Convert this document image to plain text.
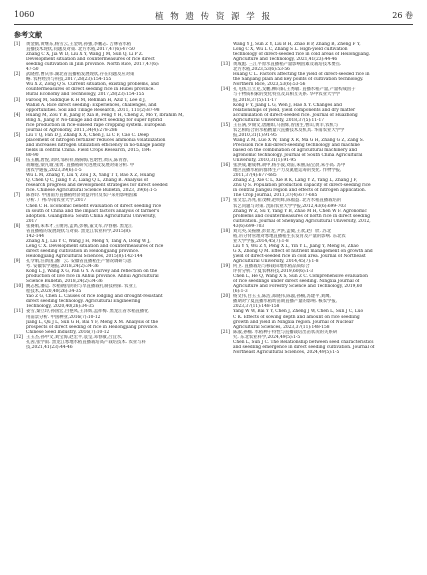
1060	植 物 遗 传 资 源 学 报	26 卷
参考文献
[1]	黄金鹤,黄继东,杨雪云,王金明,孙强,李鹏志. 吉林省水稻
直播技术现状,问题及对策. 北方水稻,2017,47(6):47-50
Zhang C X, Jia W D, Liu X Y, Wang J M, Sun Q, Li P Z.
Development situation and countermeasures of rice direct
seeding cultivation in Jilin province. North Rice, 2017,47(6):
47-50
[2]	武晓智,曹庆伟.湖北省直播稻发展现状,存在问题及应对策
略. 农村经济与科技,2017,28(23):154-155
Wu X Z, Zong Q S. Current situation, existing problems, and
countermeasures of direct seeding rice in Hubei province.
Rural Economy and Technology, 2017,28(23):154-155
[3]	Farooq M, Siddique K H M, Rehman H, Aziz T, Lee d J,
Wahid A. Rice direct seeding: Experiences, challenges, and
opportunities. Soil and Tillage Research, 2011, 111(2):87-98
[4]	Huang M, Zou Y B, Jiang P, Xia B, Feng Y H, Cheng Z, Mo Y, Ibrahim M,
Bing X, Jiang P. No-tillage and direct seeding for super hybrid
rice production in rice-oilseed rape cropping system. European
Journal of Agronomy, 2011,34(4):278-286
[5]	Liu T Q, Fan D J, Zhang X X, Chen J, Li C F, Cao C. Deep
placement of nitrogen fertilizer reduces ammonia volatilization
and increases nitrogen utilization efficiency in no-tillage paddy
fields in central China. Field Crops Research, 2015, 184:
80-90
[6]	伍玉鹏,唐悦,刘时,邹积祥,杨胸海,包晗哲,黄庆,陈青春,
蒋耀霆,梁凡瑜,张勇. 直播稻研究进展及发展对策分析. 中
国农学通报,2023,39(6):1-5
Wu L M, Zhang Y, Liu Y, Zou J X, Yang T T, Bao X Z, Huang
Q, Chen Q C, Jiang Y Z, Liang Q L, Zhang B. Analysis of
research progress and development strategies for direct seeded
rice. Chinese Agricultural Science Bulletin, 2023, 39(6):1-5
[7]	陈春玲. 中国南方直播稻经济效益评价及农户采用影响因素
分析. 广州:华南农业大学,2017
Chen C H. Economic benefit evaluation of direct seeding rice
in south of China and the impact factors analysis of farmer's
adoption. Guangzhou: South China Agricultural University,
2017
[8]	张赛娟,朱本才,王俊河,孟禹,彭俄,董文军,冷春丽. 黑龙江
省直播稻的发展现状与对策. 黑龙江农业科学,2015(8):
142-144
Zhang X J, Lai Y C, Wang J H, Meng Y, Tang A, Dong W J,
Leng C X. Development situation and countermeasures of rice
direct seeding cultivation in Heilongjiang province.
Heilongjiang Agricultural Sciences, 2015(8):142-144
[9]	孔令娟,汪新国,潘广云. 安徽省直播稻生产情况调研与思
考. 安徽农学通报,2018,24(2):34-36
Kong L J, Wang X G, Pan G Y. A survey and reflection on the
production of live rice in Anhui province. Anhui Agricultural
Science Bulletin, 2018,24(2):34-36
[10] 姚志熙,潘运. 水稻钢抗阴的与旱直播栽扎制技初探. 农业工
程技术,2020,40(26):34-35
Yao Z G, Chen L. Causes of rice lodging and drought-resistant
direct seeding technology. Agricultural Engineering
Technology, 2020,40(26):34-35
[11] 姜雪,秦立玲,孙国宏,白艳凤,王泽辉,孟祥梅. 黑龙江省水稻直播化
用前景分析. 中国种业,2016(7):10-12
Jiang L, Qu J L, Sun G H, Bai Y F, Meng X M. Analysis of the
prospects of direct seeding of rice in Heilongjiang province.
Chinese Seed Industry, 2016(7):10-12
[12] 王玉杰,孙中文,刘宝海,赵宏平,袁莹,邓春敏,吕宜水,
孔茜,张学雨. 黑龙江寒地水稻直播栽培高产栽培技术. 农业与科
技,2021,41(23):44-46
Wang Y J, Sun Z Y, Liu B H, Zhao B P, Zhang B, Zheng F Y,
Long C X, Wu L C, Zhang S L. High-yield cultivation
technology of direct-seeded rice in cold areas of Heilongjiang.
Agriculture and Technology, 2021,41(23):44-46
[13] 黄成彪. 三江平原水直播稻产量影响因素及栽培技术要点.
北方水稻,2023,53(6):53-56
Huang C L. Factors affecting the yield of direct-seeded rice in
the Sanjiang plain and key points of cultivation technology.
Northern Rice, 2023,53(6):53-56
[14] 孔飞扬,江立克,戈鹏,柳向阳,王秀敏. 直播水稻产量,产量构成因子
与干物质积累的变化特点及其相互关系. 华中农业大学学
报,2018,37(5):11-17
Kong F Y, Jiang L G, Wen J, Hao X Y. Changes and
relationships of yield, yield components and dry matter
accumulation of direct-seeded rice. Journal of Huazhong
Agricultural University, 2018,37(5):11-17
[15] 王在满,罗锡文,唐湘如,马国辉,曾国生,曹山,黄羊,农机与
农艺相结合的水稻精量穴直播技术及机具. 华南农业大学学
报,2010,31(1):91-95
Wang Z M, Luo X W, Tang X R, Ma G H, Zhang G Z, Zang S.
Precision rice hill-direct-seeding technology and machine
based on the combination of agricultural machinery and
agronomic technology. Journal of South China Agricultural
University, 2010,31(1):91-95
[16] 张洪成,谢成林,胡中,杨小波,刘雷,朱丽,陆宝晨,朱小高. 苏中
地区直播水稻的群体生产力及氮肥运筹的变化. 作物学报,
2011,37(4):677-685
Zhang Z J, Xie C L, Xie R K, Lang Y Z, Yang L, Zhang J F,
Zhu Q S. Population production capacity of direct-seeding rice
in central Jiangsu region and effects of nitrogen application.
The Crop Journal, 2011,37(4):677-685
[17] 张文忠,苏兆,崔茂柳,赵明辉,陈福益. 北方水稻直播栽培的
农艺问题与对策. 沈阳农业大学学报,2012,43(6):699-703
Zhang W Z, Su Y, Yang Y B, Zhao M H, Chen W F. Agronomic
problems and countermeasures of north rice in direct seeding
cultivation. Journal of Shenyang Agricultural University, 2012,
43(6):699-703
[18] 刘元英,吴振丽,彭显龙,尹洪,孟微,王欢,赵广欣. 苏北
稻,吊分肾管理对寒地直播稻生长发育及产量的影响. 东北农
业大学学报,2014,45(7):1-8
Liu Y Y, Wu Z Y, Peng X L, Yin Y L, Jiang Y, Meng H, Zhao
G X, Zhong Q M. Effect of nutrient management on growth and
yield of direct-seeded rice in cold area. Journal of Northeast
Agricultural University, 2014,45(7):1-8
[19] 何卫. 直播栽培与移栽田地水稻品质综合
评价分析. 宁夏农林科技,2019,60(6):1-3
Chen L, He Q, Wang X S, Sun Z C. Comprehensive evaluation
of rice seedlings under direct seeding. Ningxia Journal of
Agriculture and Forestry Science and Technology, 2019,60
(6):1-3
[20] 杨文伟,白玉玉,陈浩,郑晓伟,陈淑,孙楠,苏建平,刘鹰,
播期对宁夏直播水稻幼苗期直播产量的影响. 核农学报,
2023,37(11):148-158
Yang W W, Bai Y Y, Chen J, Zheng J W, Chen L, Sun J C, Luo
C K. Effects of sowing depth and amount on rice seedling
growth and yield in Ningxia region. Journal of Nuclear
Agricultural Sciences, 2023,37(11):148-158
[21] 陈淑,孙楠. 水稻种子特性与直播栽培出苗状况的关系研
究. 东北农业科学,2024,49(5):1-5
Chen L, Sun J C. The Relationship between seed characteristics
and seedling emergence in direct seeding cultivation. Journal of
Northeast Agricultural Sciences, 2024,49(5):1-5
